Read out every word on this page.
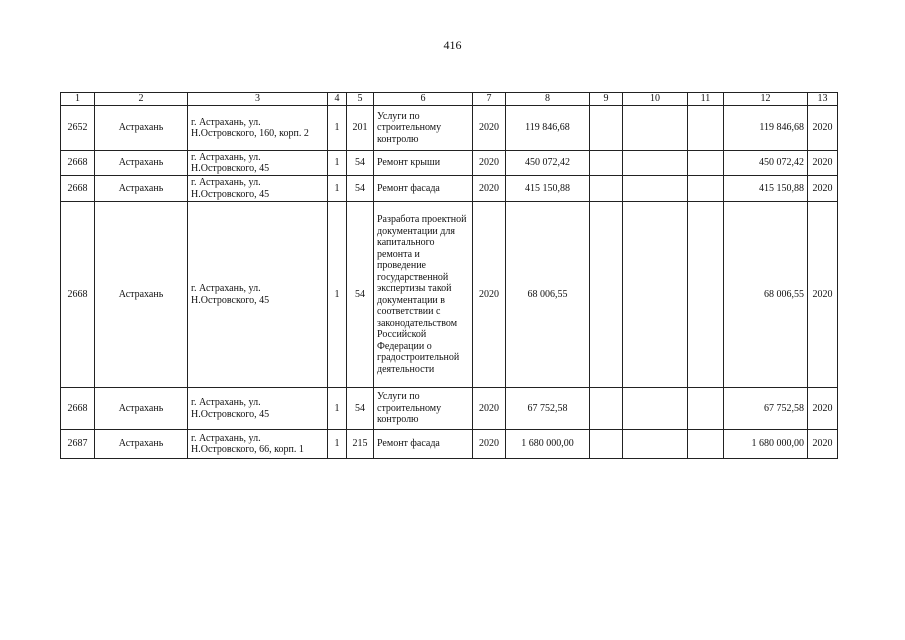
416
1	2	3	4	5	6	7	8	9	10	11	12	13
2652	Астрахань	г. Астрахань, ул. Н.Островского, 160, корп. 2	1	201	Услуги по строительному контролю	2020	119 846,68				119 846,68	2020
2668	Астрахань	г. Астрахань, ул. Н.Островского, 45	1	54	Ремонт крыши	2020	450 072,42				450 072,42	2020
2668	Астрахань	г. Астрахань, ул. Н.Островского, 45	1	54	Ремонт фасада	2020	415 150,88				415 150,88	2020
2668	Астрахань	г. Астрахань, ул. Н.Островского, 45	1	54	Разработа проектной документации для капитального ремонта и проведение государственной экспертизы такой документации в соответствии с законодательством Российской Федерации о градостроительной деятельности	2020	68 006,55				68 006,55	2020
2668	Астрахань	г. Астрахань, ул. Н.Островского, 45	1	54	Услуги по строительному контролю	2020	67 752,58				67 752,58	2020
2687	Астрахань	г. Астрахань, ул. Н.Островского, 66, корп. 1	1	215	Ремонт фасада	2020	1 680 000,00				1 680 000,00	2020
